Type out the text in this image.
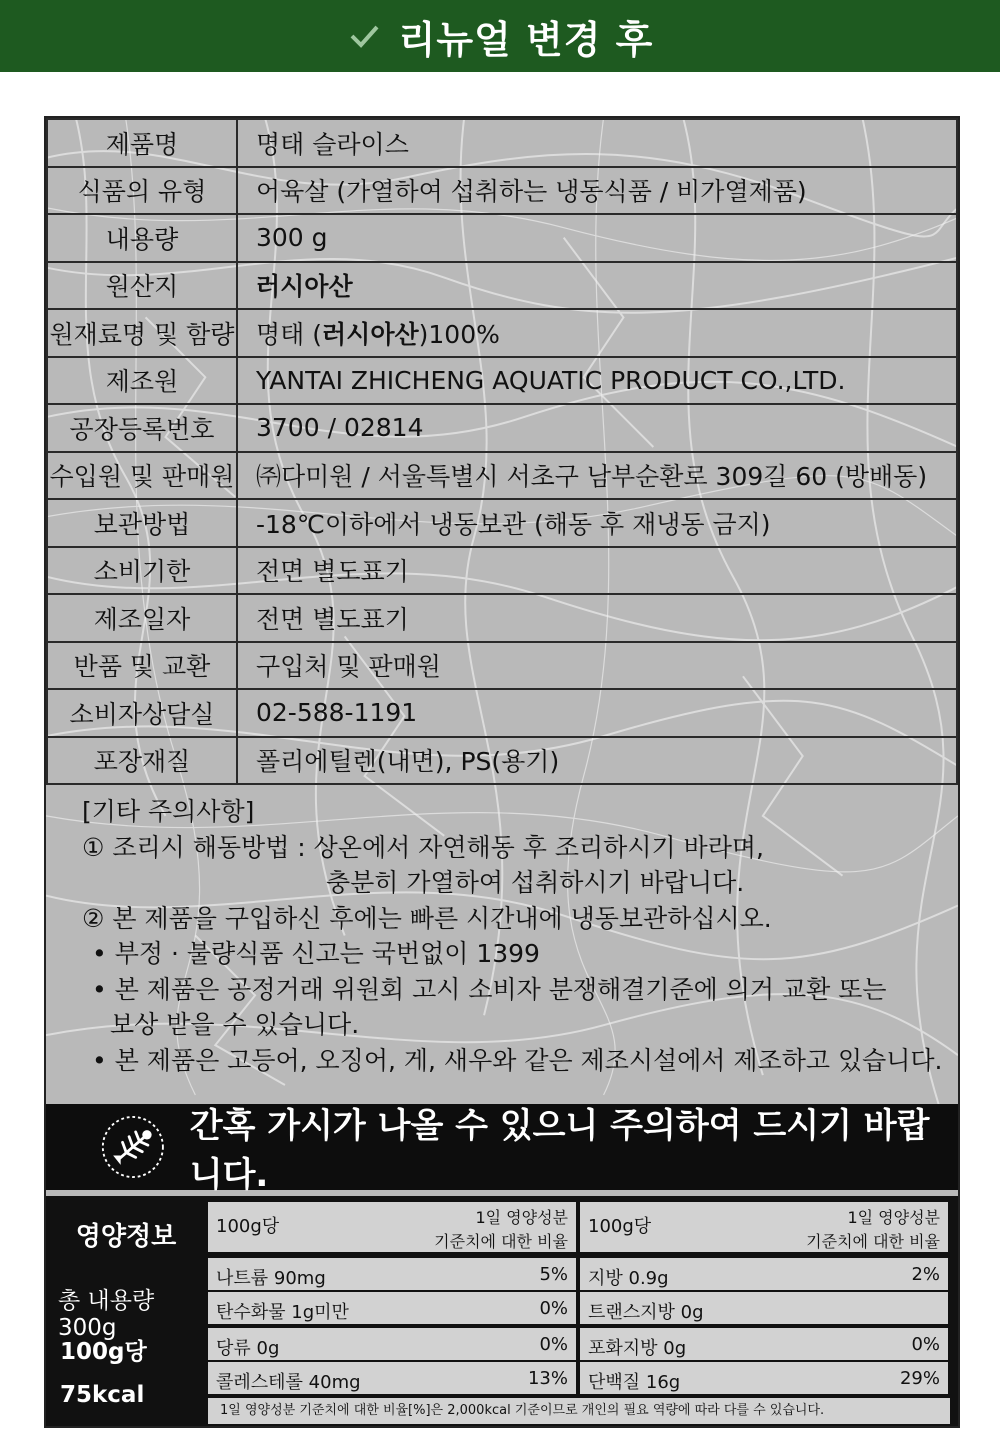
리뉴얼 변경 후
제품명	명태 슬라이스
식품의 유형	어육살 (가열하여 섭취하는 냉동식품 / 비가열제품)
내용량	300 g
원산지	러시아산
원재료명 및 함량	명태 (러시아산)100%
제조원	YANTAI ZHICHENG AQUATIC PRODUCT CO.,LTD.
공장등록번호	3700 / 02814
수입원 및 판매원	㈜다미원 / 서울특별시 서초구 남부순환로 309길 60 (방배동)
보관방법	-18℃이하에서 냉동보관 (해동 후 재냉동 금지)
소비기한	전면 별도표기
제조일자	전면 별도표기
반품 및 교환	구입처 및 판매원
소비자상담실	02-588-1191
포장재질	폴리에틸렌(내면), PS(용기)
[기타 주의사항]
① 조리시 해동방법 : 상온에서 자연해동 후 조리하시기 바라며,
충분히 가열하여 섭취하시기 바랍니다.
② 본 제품을 구입하신 후에는 빠른 시간내에 냉동보관하십시오.
• 부정 · 불량식품 신고는 국번없이 1399
• 본 제품은 공정거래 위원회 고시 소비자 분쟁해결기준에 의거 교환 또는
보상 받을 수 있습니다.
• 본 제품은 고등어, 오징어, 게, 새우와 같은 제조시설에서 제조하고 있습니다.
간혹 가시가 나올 수 있으니 주의하여 드시기 바랍니다.
영양정보
총 내용량 300g
100g당
75kcal
100g당	1일 영양성분
기준치에 대한 비율
나트륨 90mg	5%
탄수화물 1g미만	0%
당류 0g	0%
콜레스테롤 40mg	13%
100g당	1일 영양성분
기준치에 대한 비율
지방 0.9g	2%
트랜스지방 0g
포화지방 0g	0%
단백질 16g	29%
1일 영양성분 기준치에 대한 비율[%]은 2,000kcal 기준이므로 개인의 필요 역량에 따라 다를 수 있습니다.
